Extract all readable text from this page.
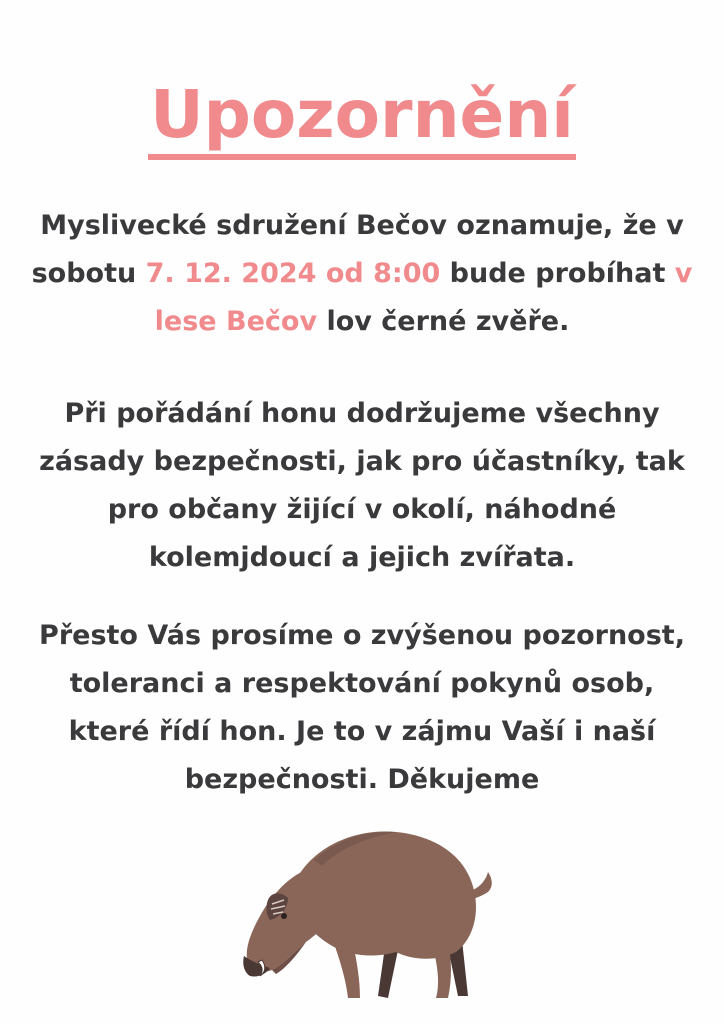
Upozornění
Myslivecké sdružení Bečov oznamuje, že v
sobotu 7. 12. 2024 od 8:00 bude probíhat v
lese Bečov lov černé zvěře.
Při pořádání honu dodržujeme všechny
zásady bezpečnosti, jak pro účastníky, tak
pro občany žijící v okolí, náhodné
kolemjdoucí a jejich zvířata.
Přesto Vás prosíme o zvýšenou pozornost,
toleranci a respektování pokynů osob,
které řídí hon. Je to v zájmu Vaší i naší
bezpečnosti. Děkujeme
